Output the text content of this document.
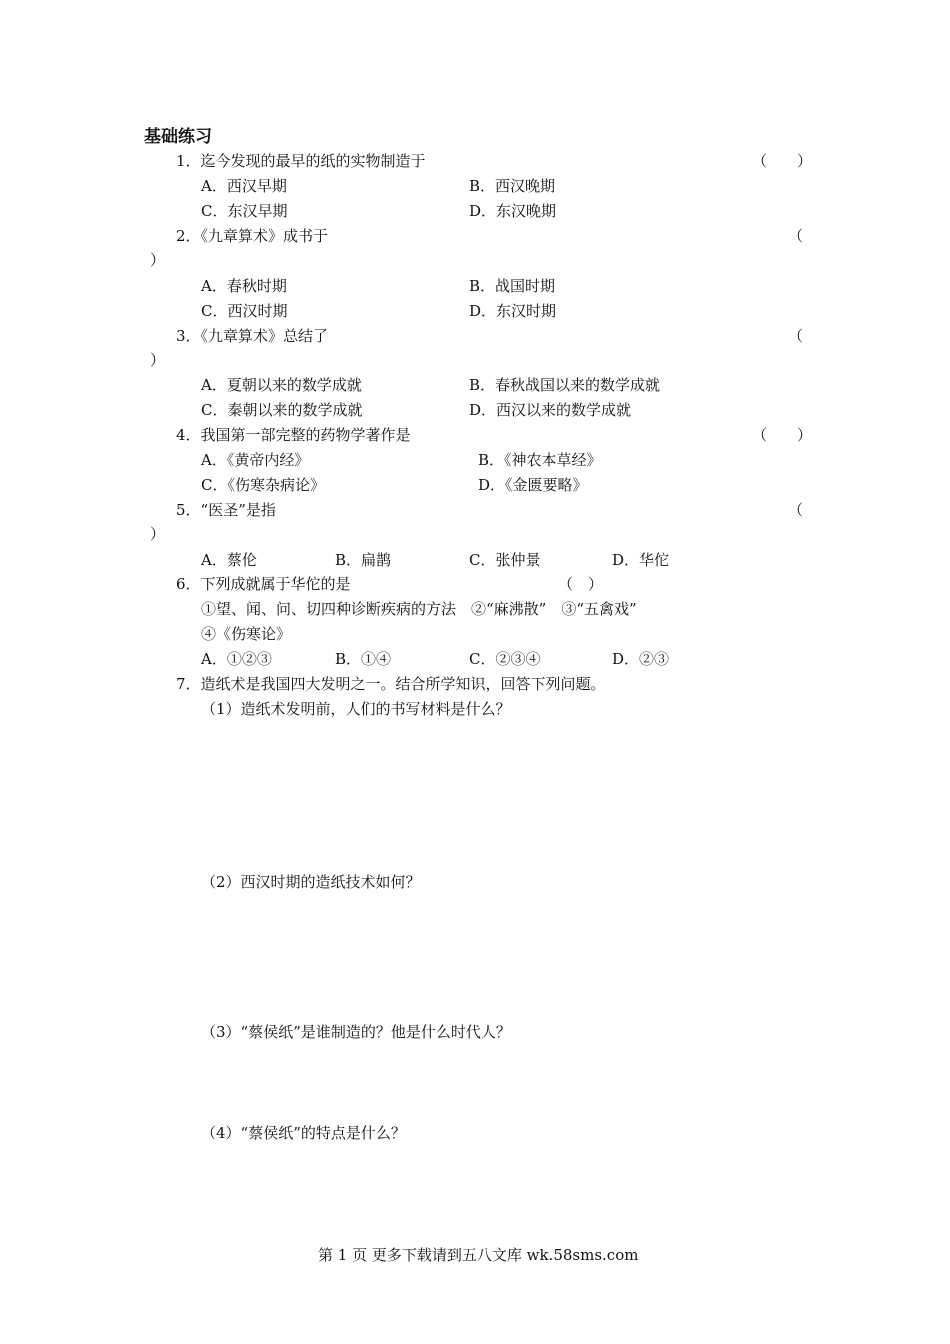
基础练习
1．迄今发现的最早的纸的实物制造于	（　　）
A．西汉早期	B．西汉晚期
C．东汉早期	D．东汉晚期
2．《九章算术》成书于	（
）
A．春秋时期	B．战国时期
C．西汉时期	D．东汉时期
3．《九章算术》总结了	（
）
A．夏朝以来的数学成就	B．春秋战国以来的数学成就
C．秦朝以来的数学成就	D．西汉以来的数学成就
4．我国第一部完整的药物学著作是	（　　）
A．《黄帝内经》	B．《神农本草经》
C．《伤寒杂病论》	D．《金匮要略》
5．“医圣”是指	（
）
A．蔡伦	B．扁鹊	C．张仲景	D．华佗
6．下列成就属于华佗的是	（　）
①望、闻、问、切四种诊断疾病的方法　②“麻沸散”　③“五禽戏”
④《伤寒论》
A．①②③	B．①④	C．②③④	D．②③
7．造纸术是我国四大发明之一。结合所学知识，回答下列问题。
（1）造纸术发明前，人们的书写材料是什么？
（2）西汉时期的造纸技术如何？
（3）“蔡侯纸”是谁制造的？他是什么时代人？
（4）“蔡侯纸”的特点是什么？
第 1 页 更多下载请到五八文库 wk.58sms.com
